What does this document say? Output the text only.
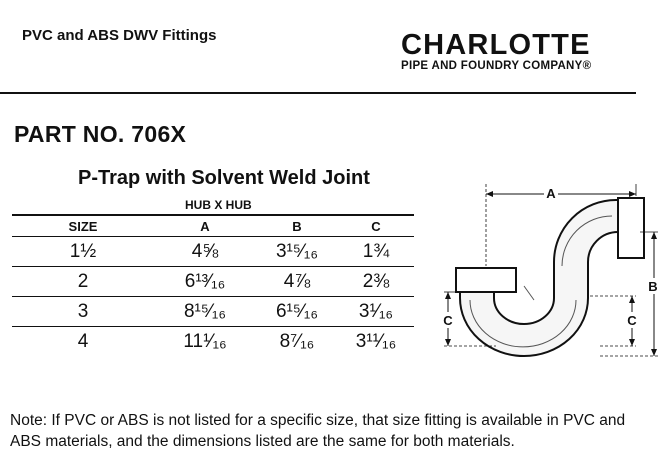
PVC and ABS DWV Fittings	CHARLOTTE
PIPE AND FOUNDRY COMPANY®
PART NO. 706X
P-Trap with Solvent Weld Joint
HUB X HUB
SIZE	A	B	C
1½	4⅝	3¹⁵⁄₁₆	1¾
2	6¹³⁄₁₆	4⅞	2⅜
3	8¹⁵⁄₁₆	6¹⁵⁄₁₆	3¹⁄₁₆
4	11¹⁄₁₆	8⁷⁄₁₆	3¹¹⁄₁₆
A
B
C	C
Note: If PVC or ABS is not listed for a specific size, that size fitting is available in PVC and ABS materials, and the dimensions listed are the same for both materials.
